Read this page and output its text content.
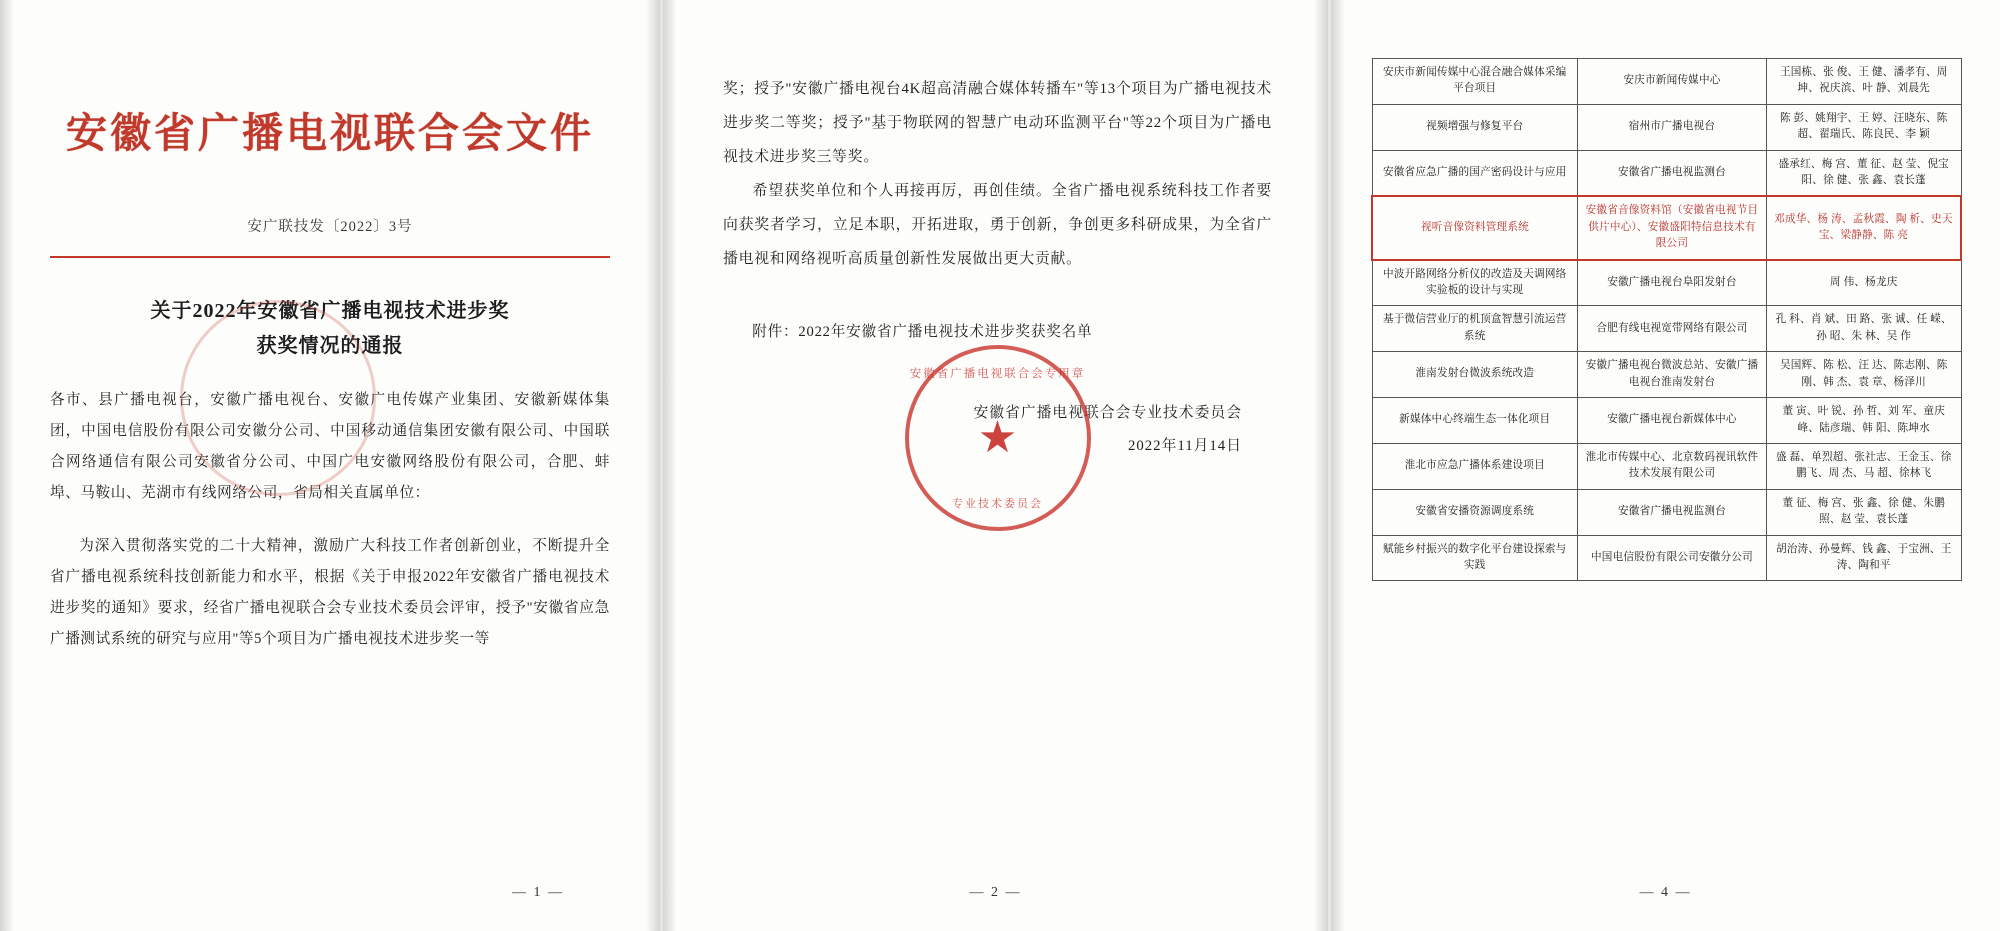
安徽省广播电视联合会文件
安广联技发〔2022〕3号
关于2022年安徽省广播电视技术进步奖
获奖情况的通报
各市、县广播电视台，安徽广播电视台、安徽广电传媒产业集团、安徽新媒体集团，中国电信股份有限公司安徽分公司、中国移动通信集团安徽有限公司、中国联合网络通信有限公司安徽省分公司、中国广电安徽网络股份有限公司，合肥、蚌埠、马鞍山、芜湖市有线网络公司，省局相关直属单位：
为深入贯彻落实党的二十大精神，激励广大科技工作者创新创业，不断提升全省广播电视系统科技创新能力和水平，根据《关于申报2022年安徽省广播电视技术进步奖的通知》要求，经省广播电视联合会专业技术委员会评审，授予"安徽省应急广播测试系统的研究与应用"等5个项目为广播电视技术进步奖一等
— 1 —
奖；授予"安徽广播电视台4K超高清融合媒体转播车"等13个项目为广播电视技术进步奖二等奖；授予"基于物联网的智慧广电动环监测平台"等22个项目为广播电视技术进步奖三等奖。
希望获奖单位和个人再接再厉，再创佳绩。全省广播电视系统科技工作者要向获奖者学习，立足本职，开拓进取，勇于创新，争创更多科研成果，为全省广播电视和网络视听高质量创新性发展做出更大贡献。
附件：2022年安徽省广播电视技术进步奖获奖名单
安徽省广播电视联合会专用章
★
专业技术委员会
安徽省广播电视联合会专业技术委员会
2022年11月14日
— 2 —
安庆市新闻传媒中心混合融合媒体采编平台项目	安庆市新闻传媒中心	王国栋、张 俊、王 健、潘孝有、周 坤、祝庆滨、叶 静、刘晨先
视频增强与修复平台	宿州市广播电视台	陈 彭、姚翔宇、王 婷、汪晓东、陈 超、翟瑞氏、陈良民、李 颖
安徽省应急广播的国产密码设计与应用	安徽省广播电视监测台	盛承红、梅 宫、董 征、赵 莹、倪宝阳、徐 健、张 鑫、袁长蓬
视听音像资料管理系统	安徽省音像资料馆（安徽省电视节目供片中心）、安徽盛阳特信息技术有限公司	邓成华、杨 涛、孟秋霞、陶 析、史天宝、梁静静、陈 亮
中波开路网络分析仪的改造及天调网络实验板的设计与实现	安徽广播电视台阜阳发射台	周 伟、杨龙庆
基于微信营业厅的机顶盒智慧引流运营系统	合肥有线电视宽带网络有限公司	孔 科、肖 斌、田 路、张 诚、任 嵘、孙 昭、朱 林、吴 作
淮南发射台微波系统改造	安徽广播电视台微波总站、安徽广播电视台淮南发射台	吴国辉、陈 松、汪 达、陈志刚、陈 刚、韩 杰、袁 章、杨泽川
新媒体中心终端生态一体化项目	安徽广播电视台新媒体中心	董 寅、叶 锐、孙 哲、刘 军、童庆峰、陆彦瑞、韩 阳、陈坤水
淮北市应急广播体系建设项目	淮北市传媒中心、北京数码视讯软件技术发展有限公司	盛 磊、单烈超、张社志、王金玉、徐鹏飞、周 杰、马 超、徐林飞
安徽省安播资源调度系统	安徽省广播电视监测台	董 征、梅 宫、张 鑫、徐 健、朱鹏照、赵 莹、袁长蓬
赋能乡村振兴的数字化平台建设探索与实践	中国电信股份有限公司安徽分公司	胡治涛、孙曼辉、钱 鑫、于宝洲、王 涛、陶和平
— 4 —
